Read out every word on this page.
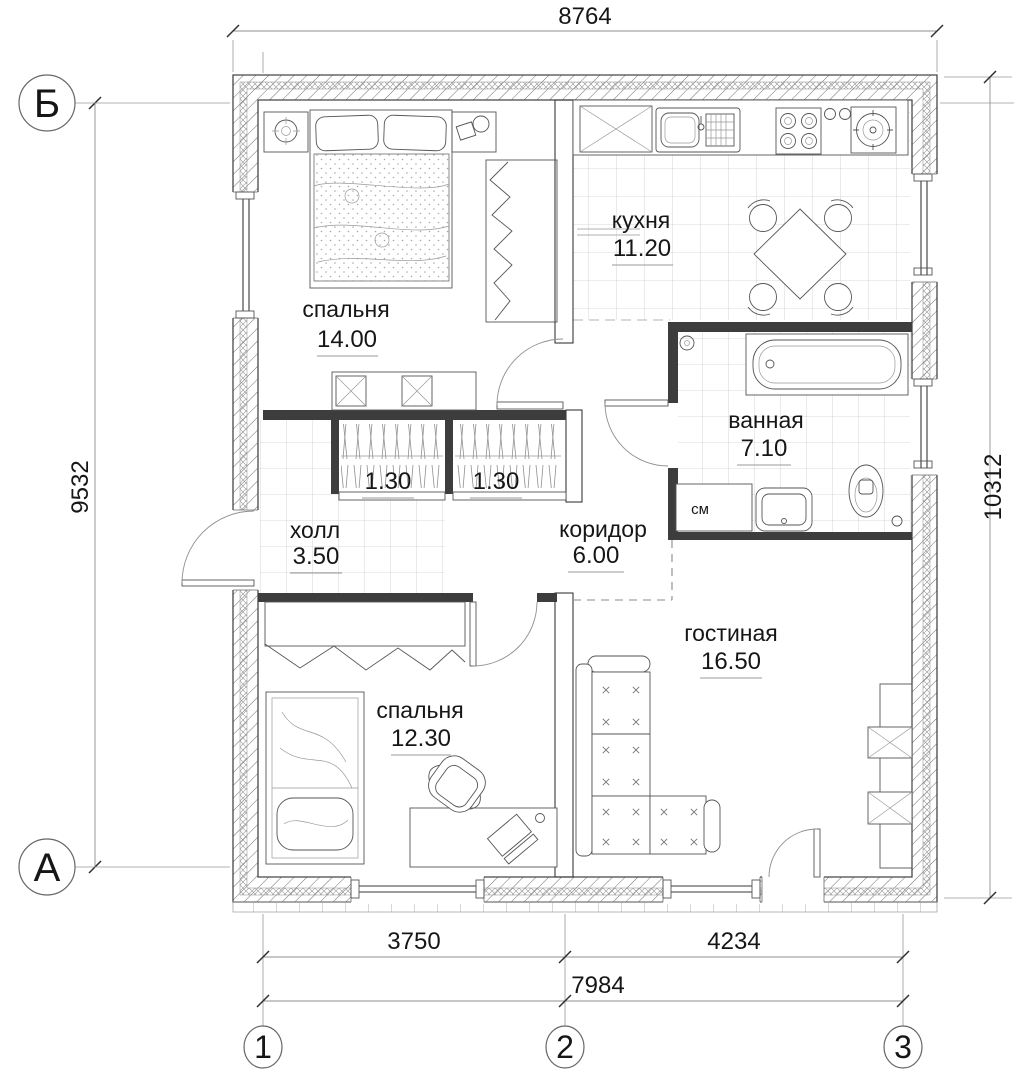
спальня
14.00
кухня
11.20
ванная
7.10
холл
3.50
коридор
6.00
гостиная
16.50
спальня
12.30
1.30	1.30
см
8764
9532	10312
3750	4234
7984
Б
А
1	2	3
